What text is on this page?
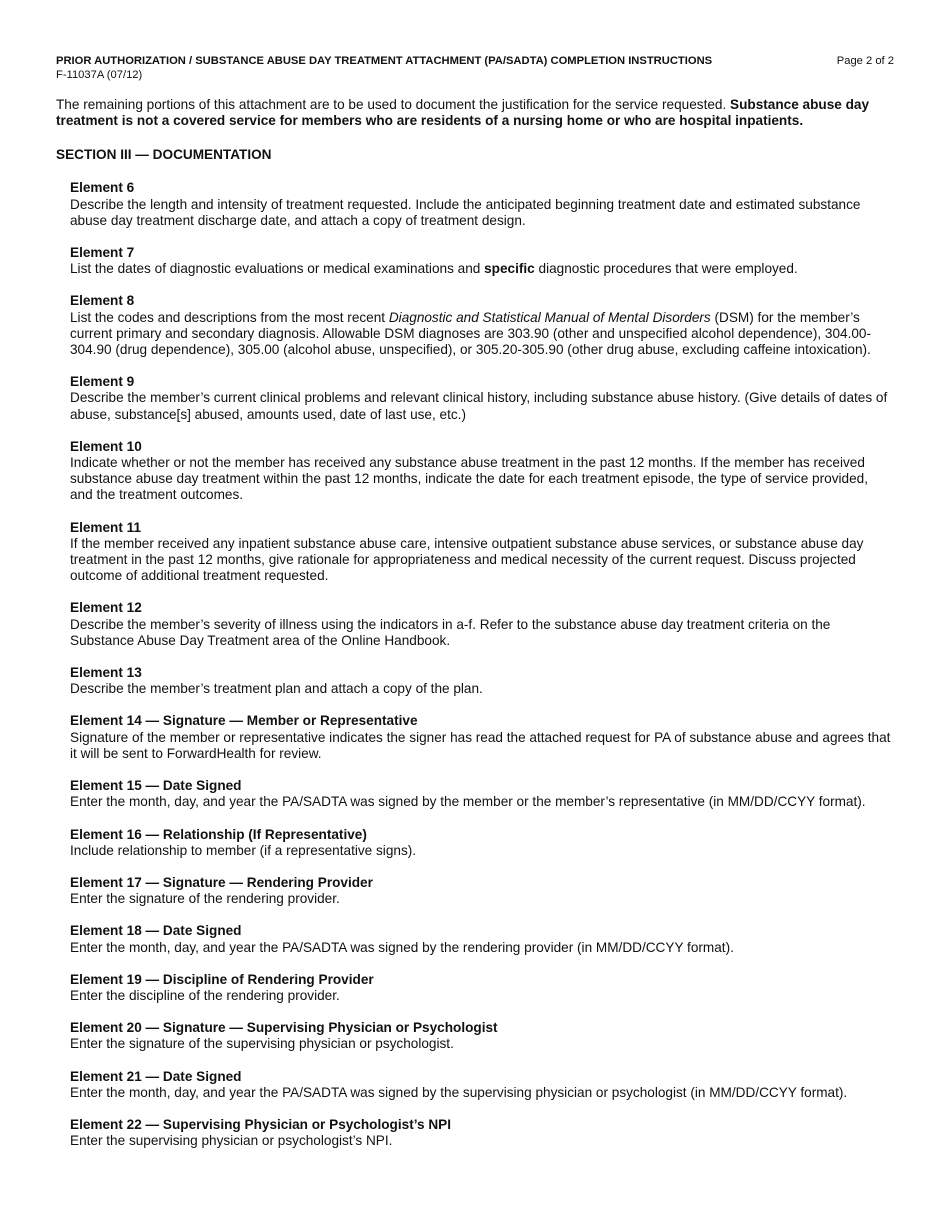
PRIOR AUTHORIZATION / SUBSTANCE ABUSE DAY TREATMENT ATTACHMENT (PA/SADTA) COMPLETION INSTRUCTIONS	Page 2 of 2
F-11037A (07/12)
The remaining portions of this attachment are to be used to document the justification for the service requested. Substance abuse day treatment is not a covered service for members who are residents of a nursing home or who are hospital inpatients.
SECTION III — DOCUMENTATION
Element 6
Describe the length and intensity of treatment requested. Include the anticipated beginning treatment date and estimated substance abuse day treatment discharge date, and attach a copy of treatment design.
Element 7
List the dates of diagnostic evaluations or medical examinations and specific diagnostic procedures that were employed.
Element 8
List the codes and descriptions from the most recent Diagnostic and Statistical Manual of Mental Disorders (DSM) for the member’s current primary and secondary diagnosis. Allowable DSM diagnoses are 303.90 (other and unspecified alcohol dependence), 304.00-304.90 (drug dependence), 305.00 (alcohol abuse, unspecified), or 305.20-305.90 (other drug abuse, excluding caffeine intoxication).
Element 9
Describe the member’s current clinical problems and relevant clinical history, including substance abuse history. (Give details of dates of abuse, substance[s] abused, amounts used, date of last use, etc.)
Element 10
Indicate whether or not the member has received any substance abuse treatment in the past 12 months. If the member has received substance abuse day treatment within the past 12 months, indicate the date for each treatment episode, the type of service provided, and the treatment outcomes.
Element 11
If the member received any inpatient substance abuse care, intensive outpatient substance abuse services, or substance abuse day treatment in the past 12 months, give rationale for appropriateness and medical necessity of the current request. Discuss projected outcome of additional treatment requested.
Element 12
Describe the member’s severity of illness using the indicators in a-f. Refer to the substance abuse day treatment criteria on the Substance Abuse Day Treatment area of the Online Handbook.
Element 13
Describe the member’s treatment plan and attach a copy of the plan.
Element 14 — Signature — Member or Representative
Signature of the member or representative indicates the signer has read the attached request for PA of substance abuse and agrees that it will be sent to ForwardHealth for review.
Element 15 — Date Signed
Enter the month, day, and year the PA/SADTA was signed by the member or the member’s representative (in MM/DD/CCYY format).
Element 16 — Relationship (If Representative)
Include relationship to member (if a representative signs).
Element 17 — Signature — Rendering Provider
Enter the signature of the rendering provider.
Element 18 — Date Signed
Enter the month, day, and year the PA/SADTA was signed by the rendering provider (in MM/DD/CCYY format).
Element 19 — Discipline of Rendering Provider
Enter the discipline of the rendering provider.
Element 20 — Signature — Supervising Physician or Psychologist
Enter the signature of the supervising physician or psychologist.
Element 21 — Date Signed
Enter the month, day, and year the PA/SADTA was signed by the supervising physician or psychologist (in MM/DD/CCYY format).
Element 22 — Supervising Physician or Psychologist’s NPI
Enter the supervising physician or psychologist’s NPI.
